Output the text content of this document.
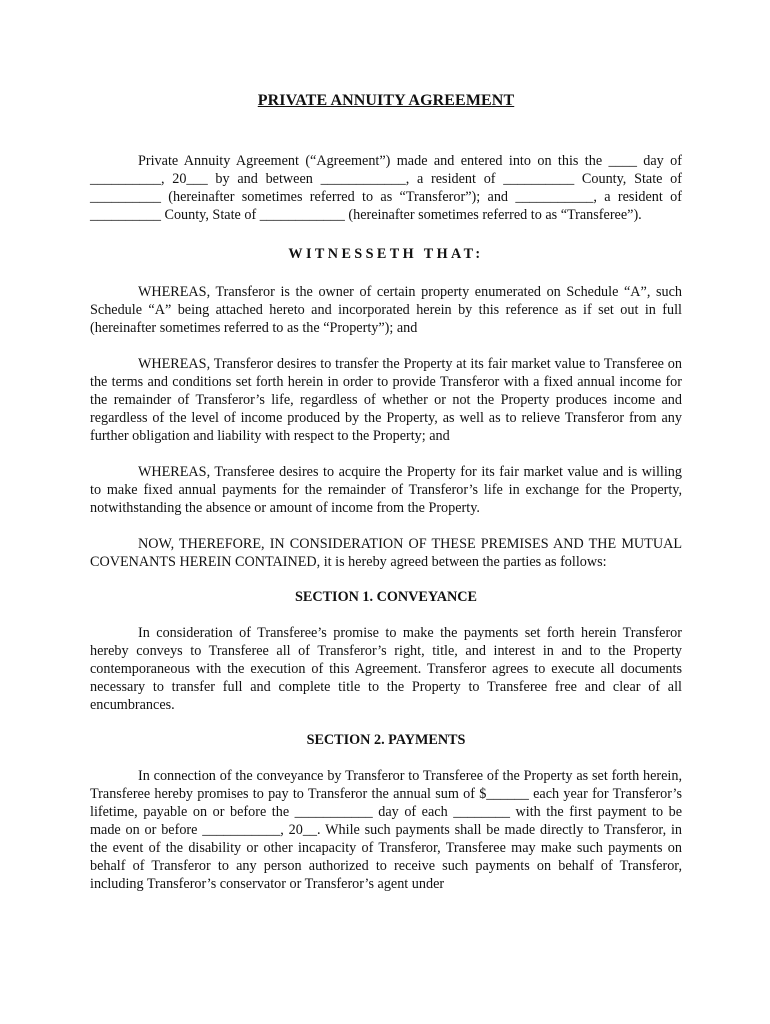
PRIVATE ANNUITY AGREEMENT

Private Annuity Agreement (“Agreement”) made and entered into on this the ____ day of __________, 20___ by and between ____________, a resident of __________ County, State of __________ (hereinafter sometimes referred to as “Transferor”); and ___________, a resident of __________ County, State of ____________ (hereinafter sometimes referred to as “Transferee”).

WITNESSETH THAT:

WHEREAS, Transferor is the owner of certain property enumerated on Schedule “A”, such Schedule “A” being attached hereto and incorporated herein by this reference as if set out in full (hereinafter sometimes referred to as the “Property”); and

WHEREAS, Transferor desires to transfer the Property at its fair market value to Transferee on the terms and conditions set forth herein in order to provide Transferor with a fixed annual income for the remainder of Transferor’s life, regardless of whether or not the Property produces income and regardless of the level of income produced by the Property, as well as to relieve Transferor from any further obligation and liability with respect to the Property; and

WHEREAS, Transferee desires to acquire the Property for its fair market value and is willing to make fixed annual payments for the remainder of Transferor’s life in exchange for the Property, notwithstanding the absence or amount of income from the Property.

NOW, THEREFORE, IN CONSIDERATION OF THESE PREMISES AND THE MUTUAL COVENANTS HEREIN CONTAINED, it is hereby agreed between the parties as follows:

SECTION 1. CONVEYANCE

In consideration of Transferee’s promise to make the payments set forth herein Transferor hereby conveys to Transferee all of Transferor’s right, title, and interest in and to the Property contemporaneous with the execution of this Agreement. Transferor agrees to execute all documents necessary to transfer full and complete title to the Property to Transferee free and clear of all encumbrances.

SECTION 2. PAYMENTS

In connection of the conveyance by Transferor to Transferee of the Property as set forth herein, Transferee hereby promises to pay to Transferor the annual sum of $______ each year for Transferor’s lifetime, payable on or before the ___________ day of each ________ with the first payment to be made on or before ___________, 20__. While such payments shall be made directly to Transferor, in the event of the disability or other incapacity of Transferor, Transferee may make such payments on behalf of Transferor to any person authorized to receive such payments on behalf of Transferor, including Transferor’s conservator or Transferor’s agent under
